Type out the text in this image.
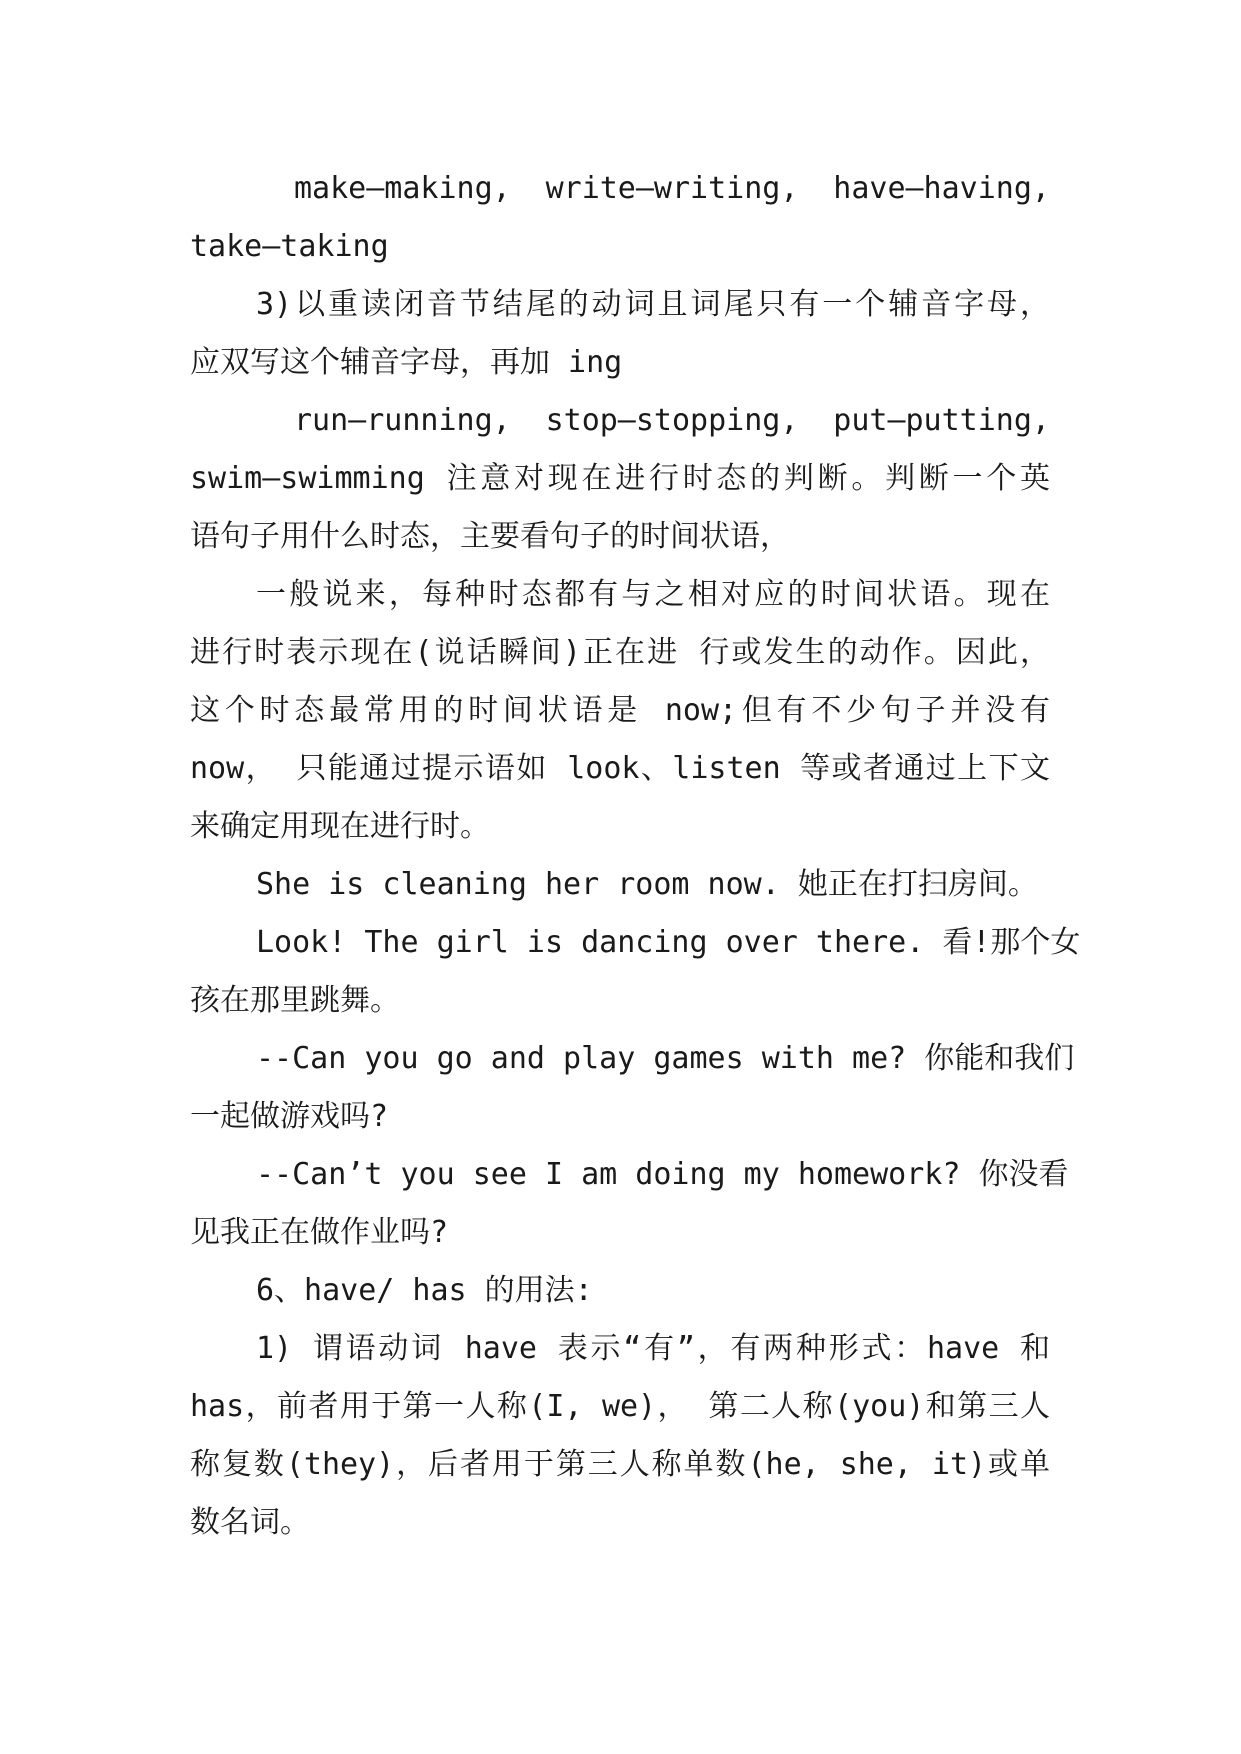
make—making, write—writing, have—having,
take—taking
3)以重读闭音节结尾的动词且词尾只有一个辅音字母，
应双写这个辅音字母，再加 ing
run—running, stop—stopping, put—putting,
swim—swimming 注意对现在进行时态的判断。判断一个英
语句子用什么时态，主要看句子的时间状语，
一般说来，每种时态都有与之相对应的时间状语。现在
进行时表示现在(说话瞬间)正在进 行或发生的动作。因此，
这个时态最常用的时间状语是 now;但有不少句子并没有
now， 只能通过提示语如 look、listen 等或者通过上下文
来确定用现在进行时。
She is cleaning her room now. 她正在打扫房间。
Look! The girl is dancing over there. 看!那个女
孩在那里跳舞。
--Can you go and play games with me? 你能和我们
一起做游戏吗?
--Can’t you see I am doing my homework? 你没看
见我正在做作业吗?
6、have/ has 的用法:
1) 谓语动词 have 表示“有”，有两种形式：have 和
has，前者用于第一人称(I, we)， 第二人称(you)和第三人
称复数(they)，后者用于第三人称单数(he, she, it)或单
数名词。
